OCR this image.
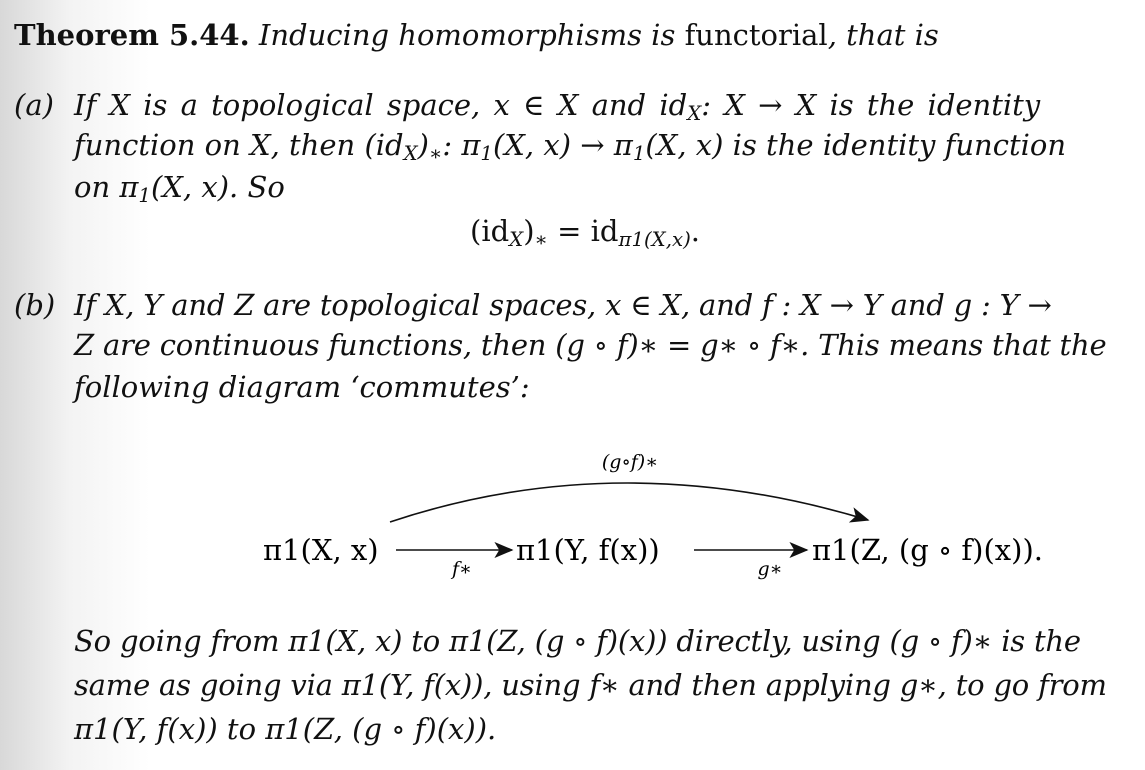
Theorem 5.44. Inducing homomorphisms is functorial, that is
(a) If X is a topological space, x ∈ X and $id_X$: X → X is the identity
function on X, then $(id_X)_∗$: $\pi_1(X$, $x) \to \pi_1(X$, x) is the identity function
on $\pi_1(X$, x). So
$(id_X)_∗ = id_{\pi 1(X,x)}$.
(b) If X, Y and Z are topological spaces, x ∈ X, and f : X → Y and g : Y →
Z are continuous functions, then (g ∘ f)∗ = g∗ ∘ f∗. This means that the
following diagram ‘commutes’:
(g∘f)∗
π1(X, x)
f∗
π1(Y, f(x))
g∗
π1(Z, (g ∘ f)(x)).
So going from π1(X, x) to π1(Z, (g ∘ f)(x)) directly, using (g ∘ f)∗ is the
same as going via π1(Y, f(x)), using f∗ and then applying g∗, to go from
π1(Y, f(x)) to π1(Z, (g ∘ f)(x)).
